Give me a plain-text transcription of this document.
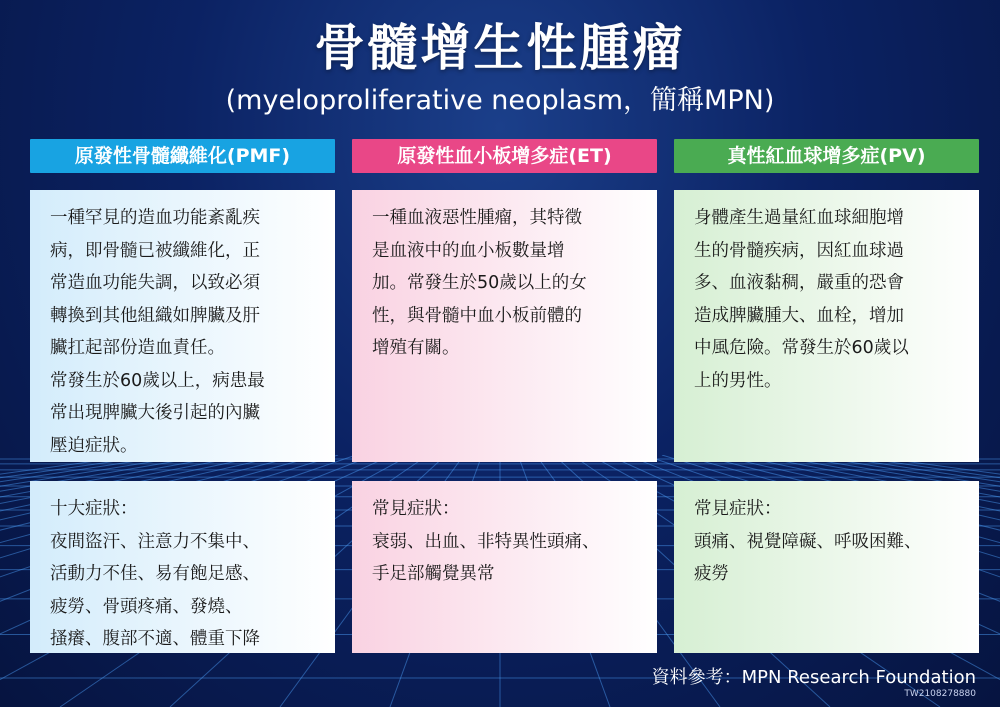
骨髓增生性腫瘤
(myeloproliferative neoplasm，簡稱MPN)
原發性骨髓纖維化(PMF)	原發性血小板增多症(ET)	真性紅血球增多症(PV)

一種罕見的造血功能紊亂疾
病，即骨髓已被纖維化，正
常造血功能失調，以致必須
轉換到其他組織如脾臟及肝
臟扛起部份造血責任。

常發生於60歲以上，病患最
常出現脾臟大後引起的內臟
壓迫症狀。

一種血液惡性腫瘤，其特徵
是血液中的血小板數量增
加。常發生於50歲以上的女
性，與骨髓中血小板前體的
增殖有關。

身體產生過量紅血球細胞增
生的骨髓疾病，因紅血球過
多、血液黏稠，嚴重的恐會
造成脾臟腫大、血栓，增加
中風危險。常發生於60歲以
上的男性。

十大症狀：
夜間盜汗、注意力不集中、
活動力不佳、易有飽足感、
疲勞、骨頭疼痛、發燒、
搔癢、腹部不適、體重下降
常見症狀：
衰弱、出血、非特異性頭痛、
手足部觸覺異常
常見症狀：
頭痛、視覺障礙、呼吸困難、
疲勞
資料參考：MPN Research Foundation
TW2108278880
